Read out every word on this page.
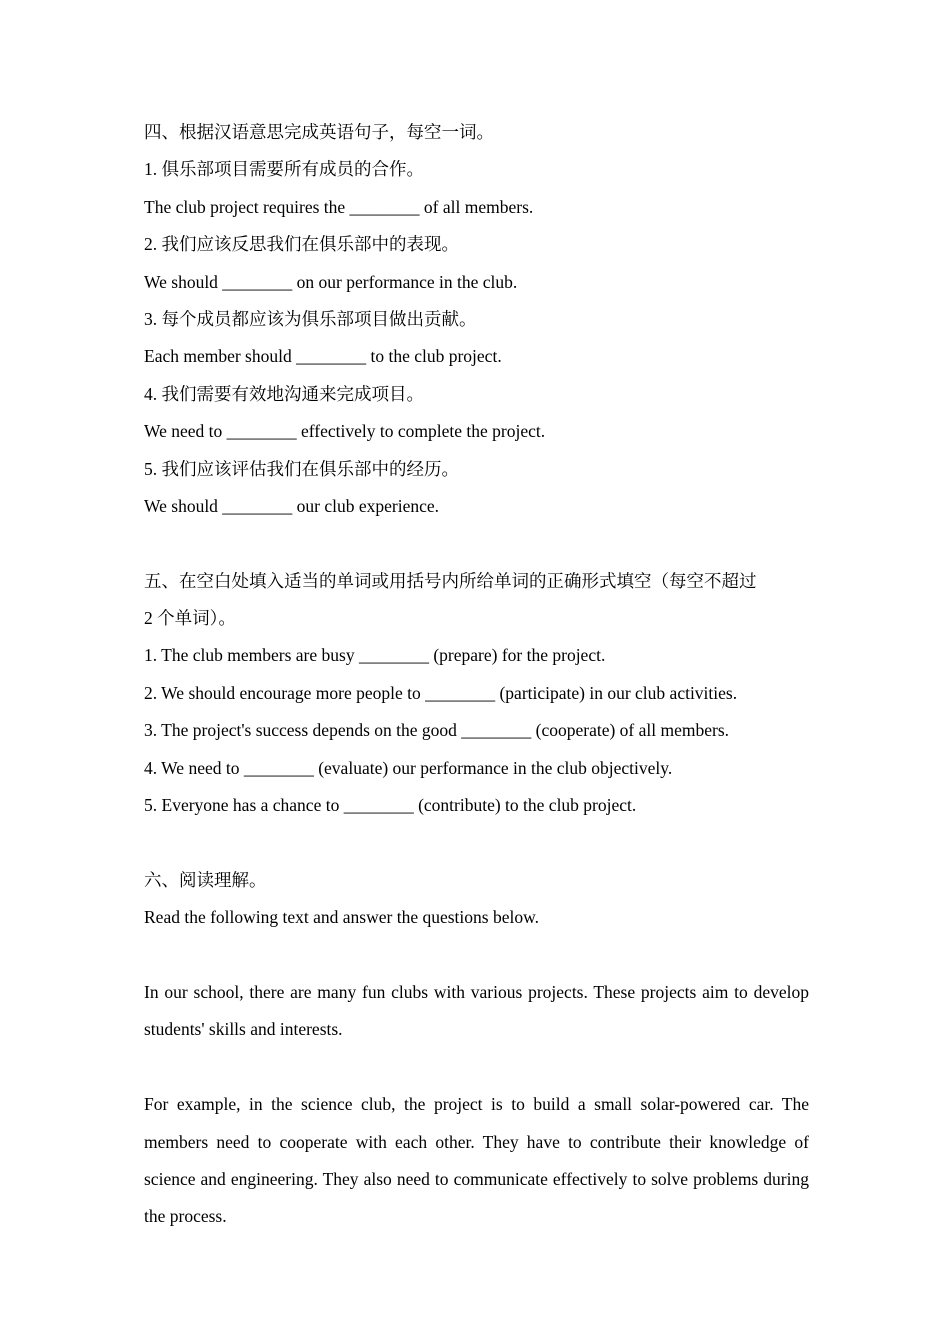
四、根据汉语意思完成英语句子，每空一词。
1. 俱乐部项目需要所有成员的合作。
The club project requires the ________ of all members.
2. 我们应该反思我们在俱乐部中的表现。
We should ________ on our performance in the club.
3. 每个成员都应该为俱乐部项目做出贡献。
Each member should ________ to the club project.
4. 我们需要有效地沟通来完成项目。
We need to ________ effectively to complete the project.
5. 我们应该评估我们在俱乐部中的经历。
We should ________ our club experience.
五、在空白处填入适当的单词或用括号内所给单词的正确形式填空（每空不超过
2 个单词）。
1. The club members are busy ________ (prepare) for the project.
2. We should encourage more people to ________ (participate) in our club activities.
3. The project's success depends on the good ________ (cooperate) of all members.
4. We need to ________ (evaluate) our performance in the club objectively.
5. Everyone has a chance to ________ (contribute) to the club project.
六、阅读理解。
Read the following text and answer the questions below.
In our school, there are many fun clubs with various projects. These projects aim to develop students' skills and interests.
For example, in the science club, the project is to build a small solar-powered car. The members need to cooperate with each other. They have to contribute their knowledge of science and engineering. They also need to communicate effectively to solve problems during the process.
